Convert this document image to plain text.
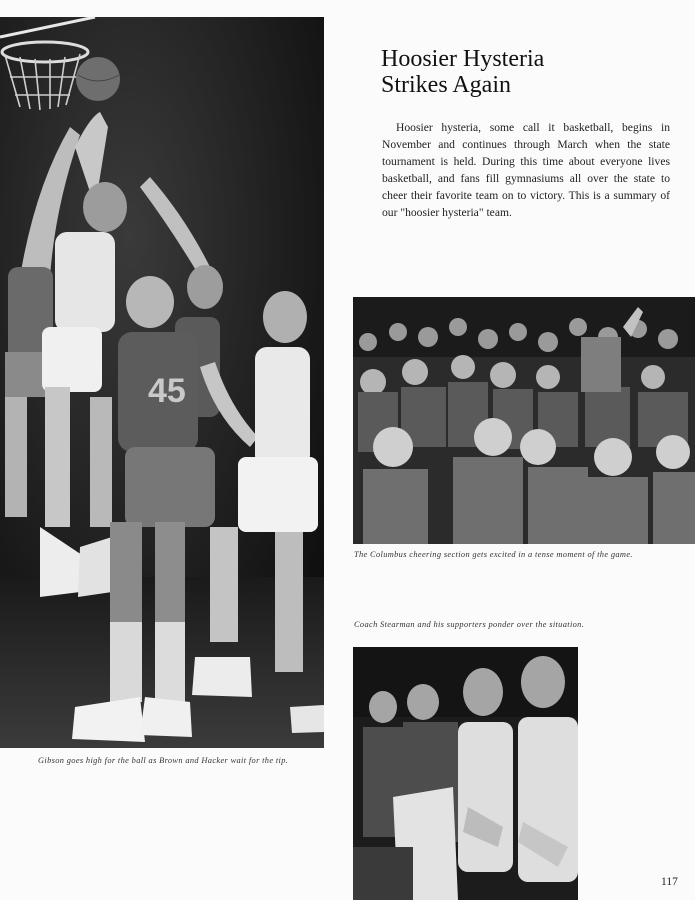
45
Gibson goes high for the ball as Brown and Hacker wait for the tip.
Hoosier Hysteria
Strikes Again
Hoosier hysteria, some call it basketball, begins in November and continues through March when the state tournament is held. During this time about everyone lives basketball, and fans fill gymnasiums all over the state to cheer their favorite team on to victory. This is a summary of our "hoosier hysteria" team.
The Columbus cheering section gets excited in a tense moment of the game.
Coach Stearman and his supporters ponder over the situation.
117
